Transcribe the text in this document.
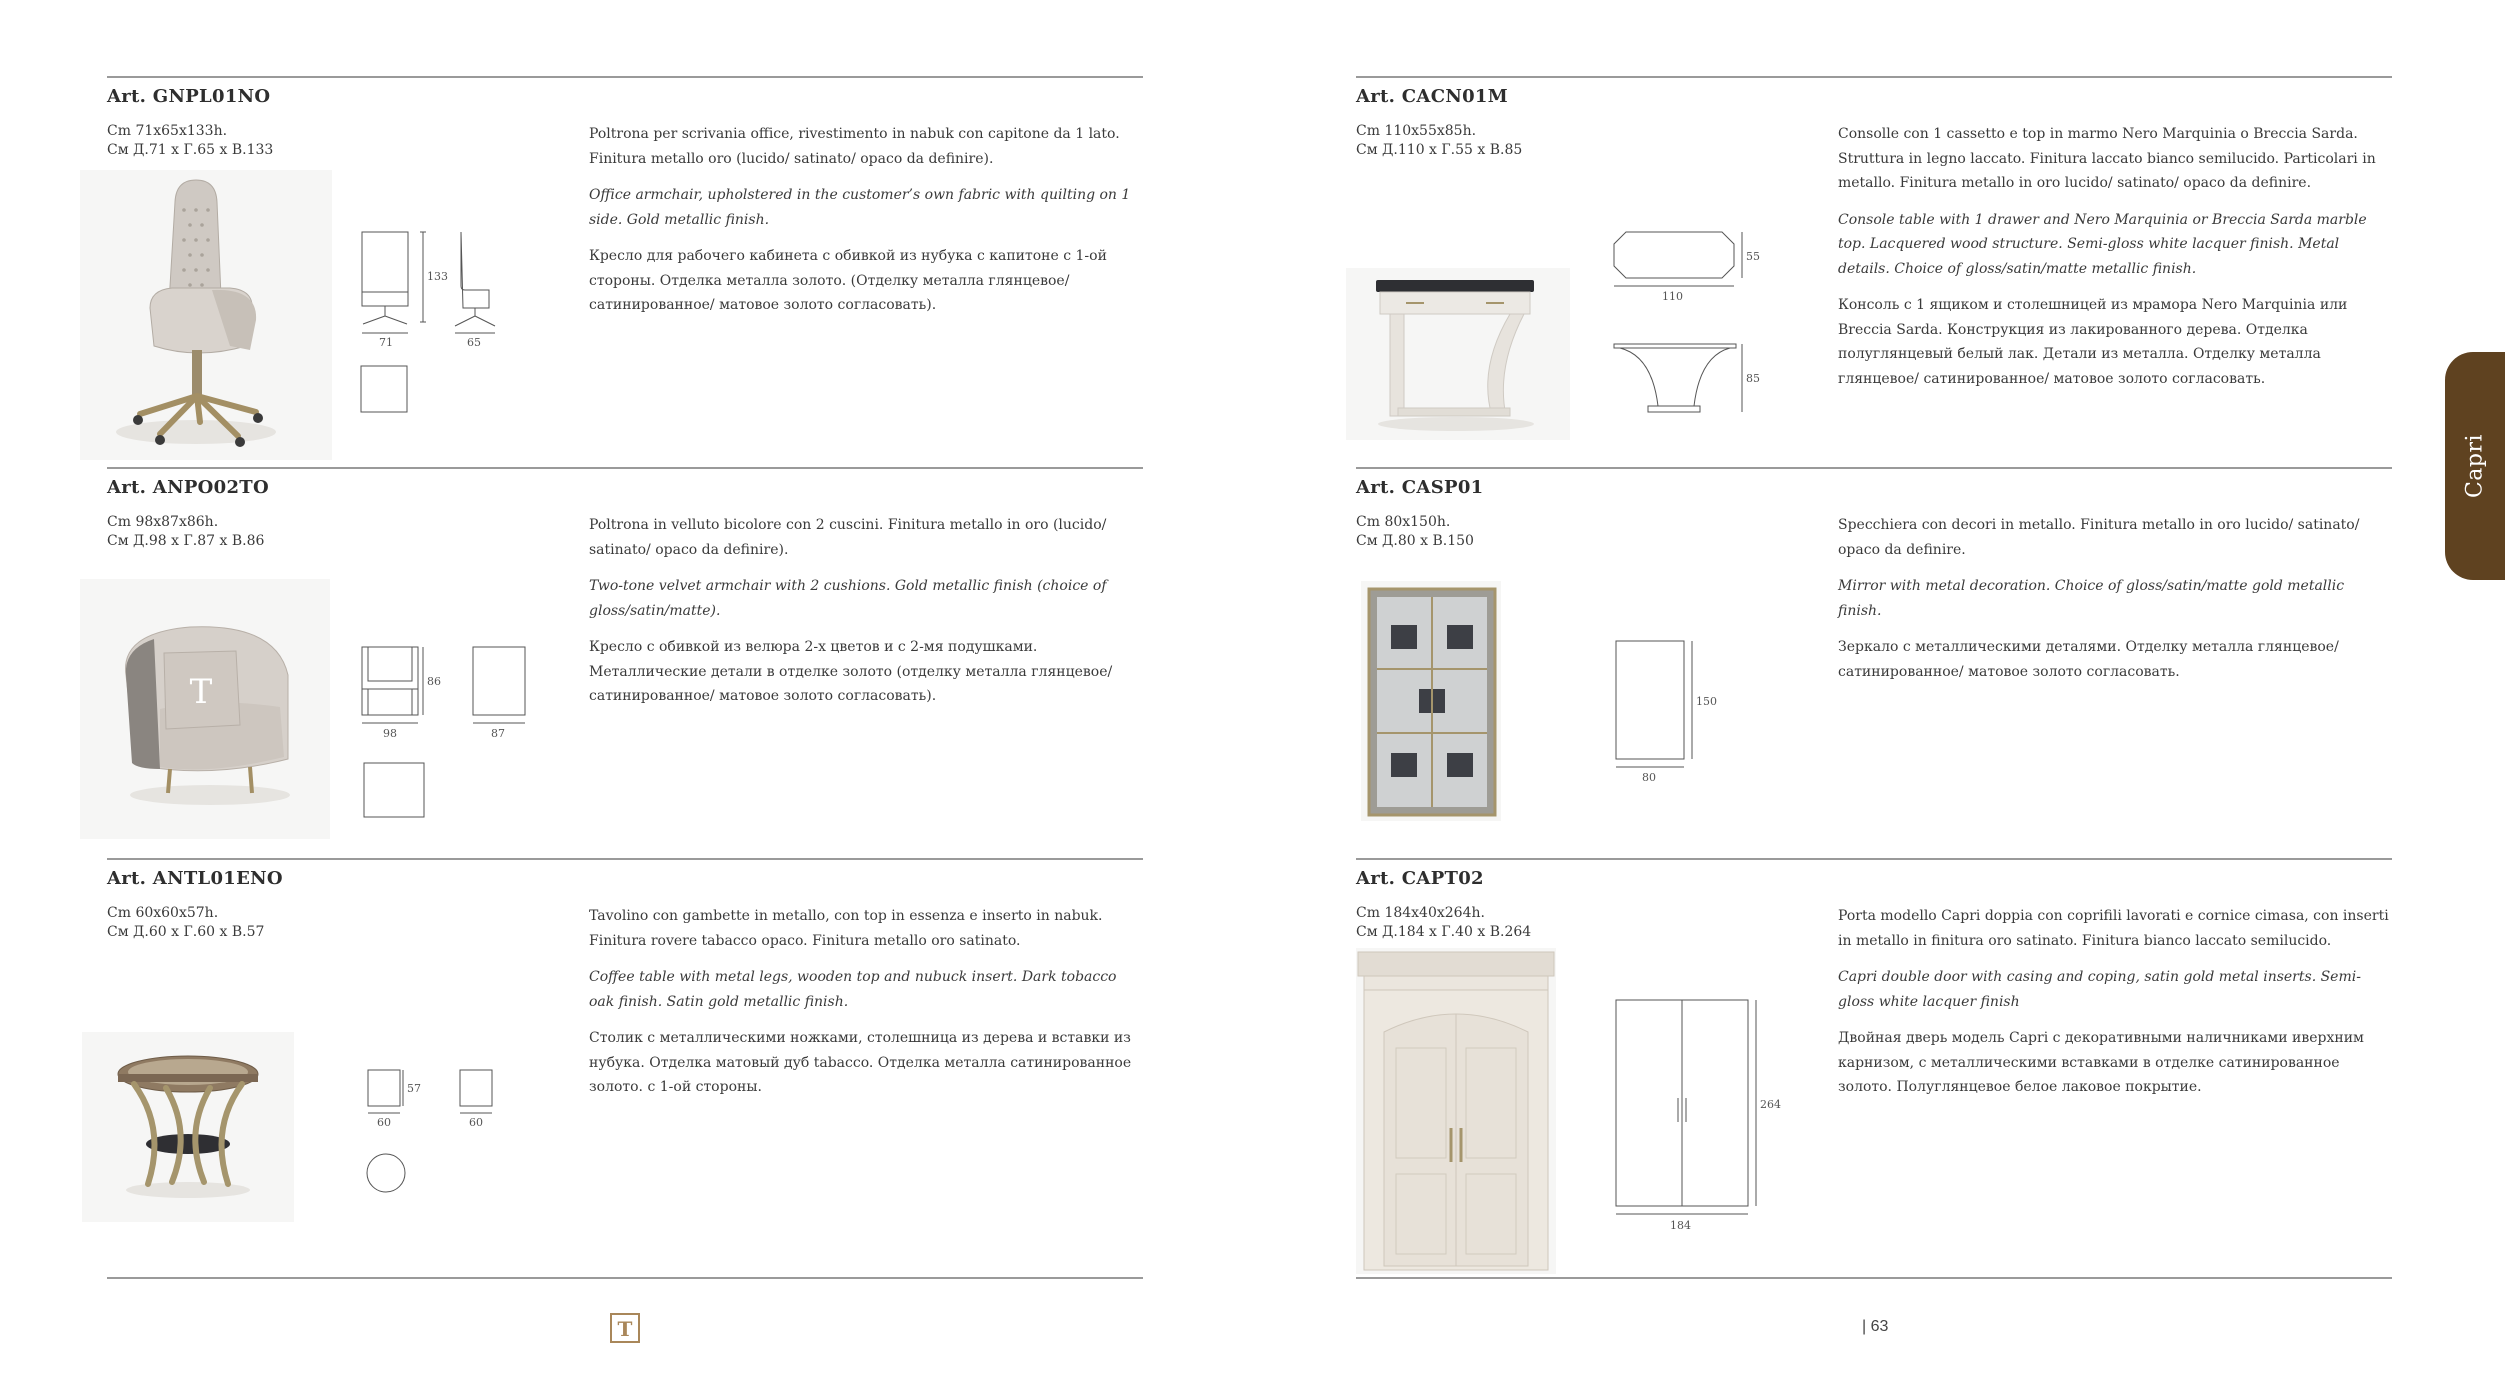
Art. GNPL01NO
Cm 71x65x133h.
См Д.71 х Г.65 х В.133

Poltrona per scrivania office, rivestimento in nabuk con capitone da 1 lato. Finitura metallo oro (lucido/ satinato/ opaco da definire).

Office armchair, upholstered in the customer’s own fabric with quilting on 1 side. Gold metallic finish.

Кресло для рабочего кабинета с обивкой из нубука с капитоне с 1-ой стороны. Отделка металла золото. (Отделку металла глянцевое/ сатинированное/ матовое золото согласовать).

133
71	65
Art. ANPO02TO
Cm 98x87x86h.
См Д.98 х Г.87 х В.86

Poltrona in velluto bicolore con 2 cuscini. Finitura metallo in oro (lucido/ satinato/ opaco da definire).

Two-tone velvet armchair with 2 cushions. Gold metallic finish (choice of gloss/satin/matte).

Кресло с обивкой из велюра 2-х цветов и с 2-мя подушками. Металлические детали в отделке золото (отделку металла глянцевое/ сатинированное/ матовое золото согласовать).

T	86
98	87
Art. ANTL01ENO
Cm 60x60x57h.
См Д.60 х Г.60 х В.57

Tavolino con gambette in metallo, con top in essenza e inserto in nabuk. Finitura rovere tabacco opaco. Finitura metallo oro satinato.

Coffee table with metal legs, wooden top and nubuck insert. Dark tobacco oak finish. Satin gold metallic finish.

Столик с металлическими ножками, столешница из дерева и вставки из нубука. Отделка матовый дуб tabacco. Отделка металла сатинированное золото. с 1-ой стороны.

57
60	60
Art. CACN01M
Cm 110x55x85h.
См Д.110 х Г.55 х В.85

Consolle con 1 cassetto e top in marmo Nero Marquinia o Breccia Sarda. Struttura in legno laccato. Finitura laccato bianco semilucido. Particolari in metallo. Finitura metallo in oro lucido/ satinato/ opaco da definire.

Console table with 1 drawer and Nero Marquinia or Breccia Sarda marble top. Lacquered wood structure. Semi-gloss white lacquer finish. Metal details. Choice of gloss/satin/matte metallic finish.

Консоль с 1 ящиком и столешницей из мрамора Nero Marquinia или Breccia Sarda. Конструкция из лакированного дерева. Отделка полуглянцевый белый лак. Детали из металла. Отделку металла глянцевое/ сатинированное/ матовое золото согласовать.

55
110
85
Art. CASP01
Cm 80x150h.
См Д.80 х В.150

Specchiera con decori in metallo. Finitura metallo in oro lucido/ satinato/ opaco da definire.

Mirror with metal decoration. Choice of gloss/satin/matte gold metallic finish.

Зеркало с металлическими деталями. Отделку металла глянцевое/ сатинированное/ матовое золото согласовать.

150
80
Art. CAPT02
Cm 184x40x264h.
См Д.184 х Г.40 х В.264

Porta modello Capri doppia con coprifili lavorati e cornice cimasa, con inserti in metallo in finitura oro satinato. Finitura bianco laccato semilucido.

Capri double door with casing and coping, satin gold metal inserts. Semi-gloss white lacquer finish

Двойная дверь модель Capri с декоративными наличниками иверхним карнизом, с металлическими вставками в отделке сатинированное золото. Полуглянцевое белое лаковое покрытие.

264
184
T	| 63
Capri
